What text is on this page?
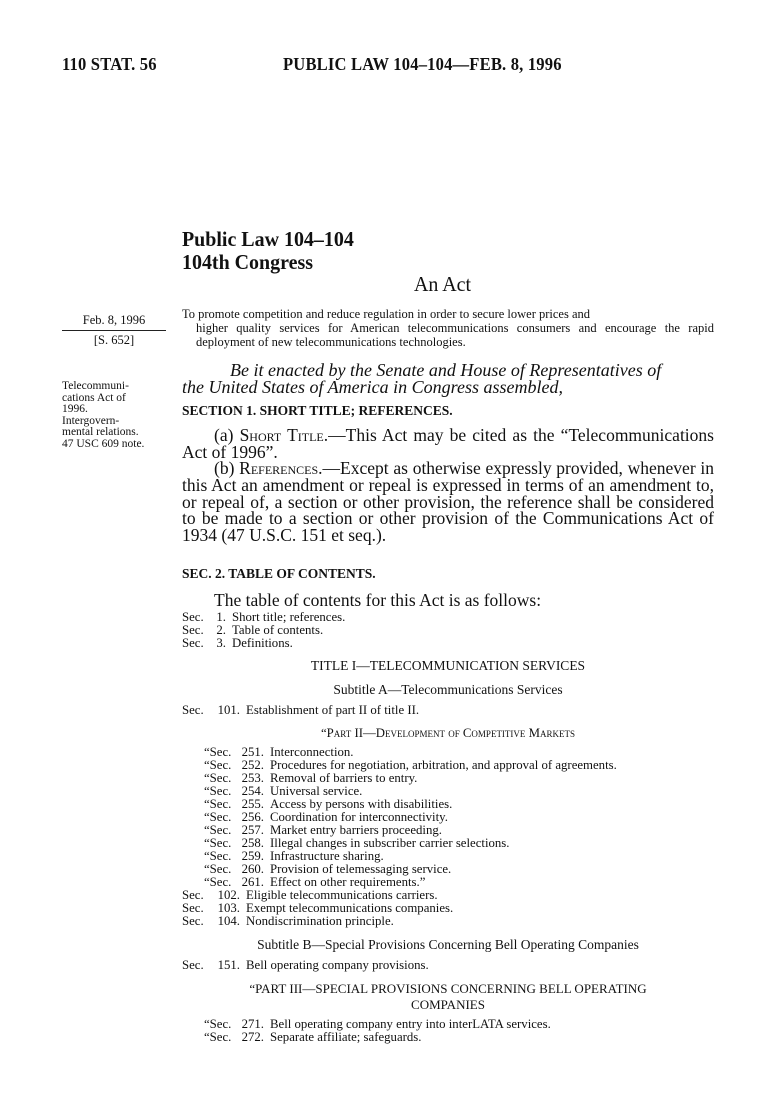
110 STAT. 56	PUBLIC LAW 104–104—FEB. 8, 1996
Public Law 104–104
104th Congress
An Act
Feb. 8, 1996
[S. 652]
To promote competition and reduce regulation in order to secure lower prices and
higher quality services for American telecommunications consumers and encourage the rapid deployment of new telecommunications technologies.
Be it enacted by the Senate and House of Representatives of
the United States of America in Congress assembled,
Telecommuni-
cations Act of
1996.
Intergovern-
mental relations.
47 USC 609 note.
SECTION 1. SHORT TITLE; REFERENCES.
(a) Short Title.—This Act may be cited as the “Telecommunications Act of 1996”.
(b) References.—Except as otherwise expressly provided, whenever in this Act an amendment or repeal is expressed in terms of an amendment to, or repeal of, a section or other provision, the reference shall be considered to be made to a section or other provision of the Communications Act of 1934 (47 U.S.C. 151 et seq.).
SEC. 2. TABLE OF CONTENTS.
The table of contents for this Act is as follows:
Sec. 1. Short title; references.
Sec. 2. Table of contents.
Sec. 3. Definitions.
TITLE I—TELECOMMUNICATION SERVICES
Subtitle A—Telecommunications Services
Sec.	101. Establishment of part II of title II.
“Part II—Development of Competitive Markets
“Sec. 251. Interconnection.
“Sec. 252. Procedures for negotiation, arbitration, and approval of agreements.
“Sec. 253. Removal of barriers to entry.
“Sec. 254. Universal service.
“Sec. 255. Access by persons with disabilities.
“Sec. 256. Coordination for interconnectivity.
“Sec. 257. Market entry barriers proceeding.
“Sec. 258. Illegal changes in subscriber carrier selections.
“Sec. 259. Infrastructure sharing.
“Sec. 260. Provision of telemessaging service.
“Sec. 261. Effect on other requirements.”
Sec.	102. Eligible telecommunications carriers.
Sec.	103. Exempt telecommunications companies.
Sec.	104. Nondiscrimination principle.
Subtitle B—Special Provisions Concerning Bell Operating Companies
Sec.	151. Bell operating company provisions.
“PART III—SPECIAL PROVISIONS CONCERNING BELL OPERATING
COMPANIES
“Sec. 271. Bell operating company entry into interLATA services.
“Sec. 272. Separate affiliate; safeguards.
